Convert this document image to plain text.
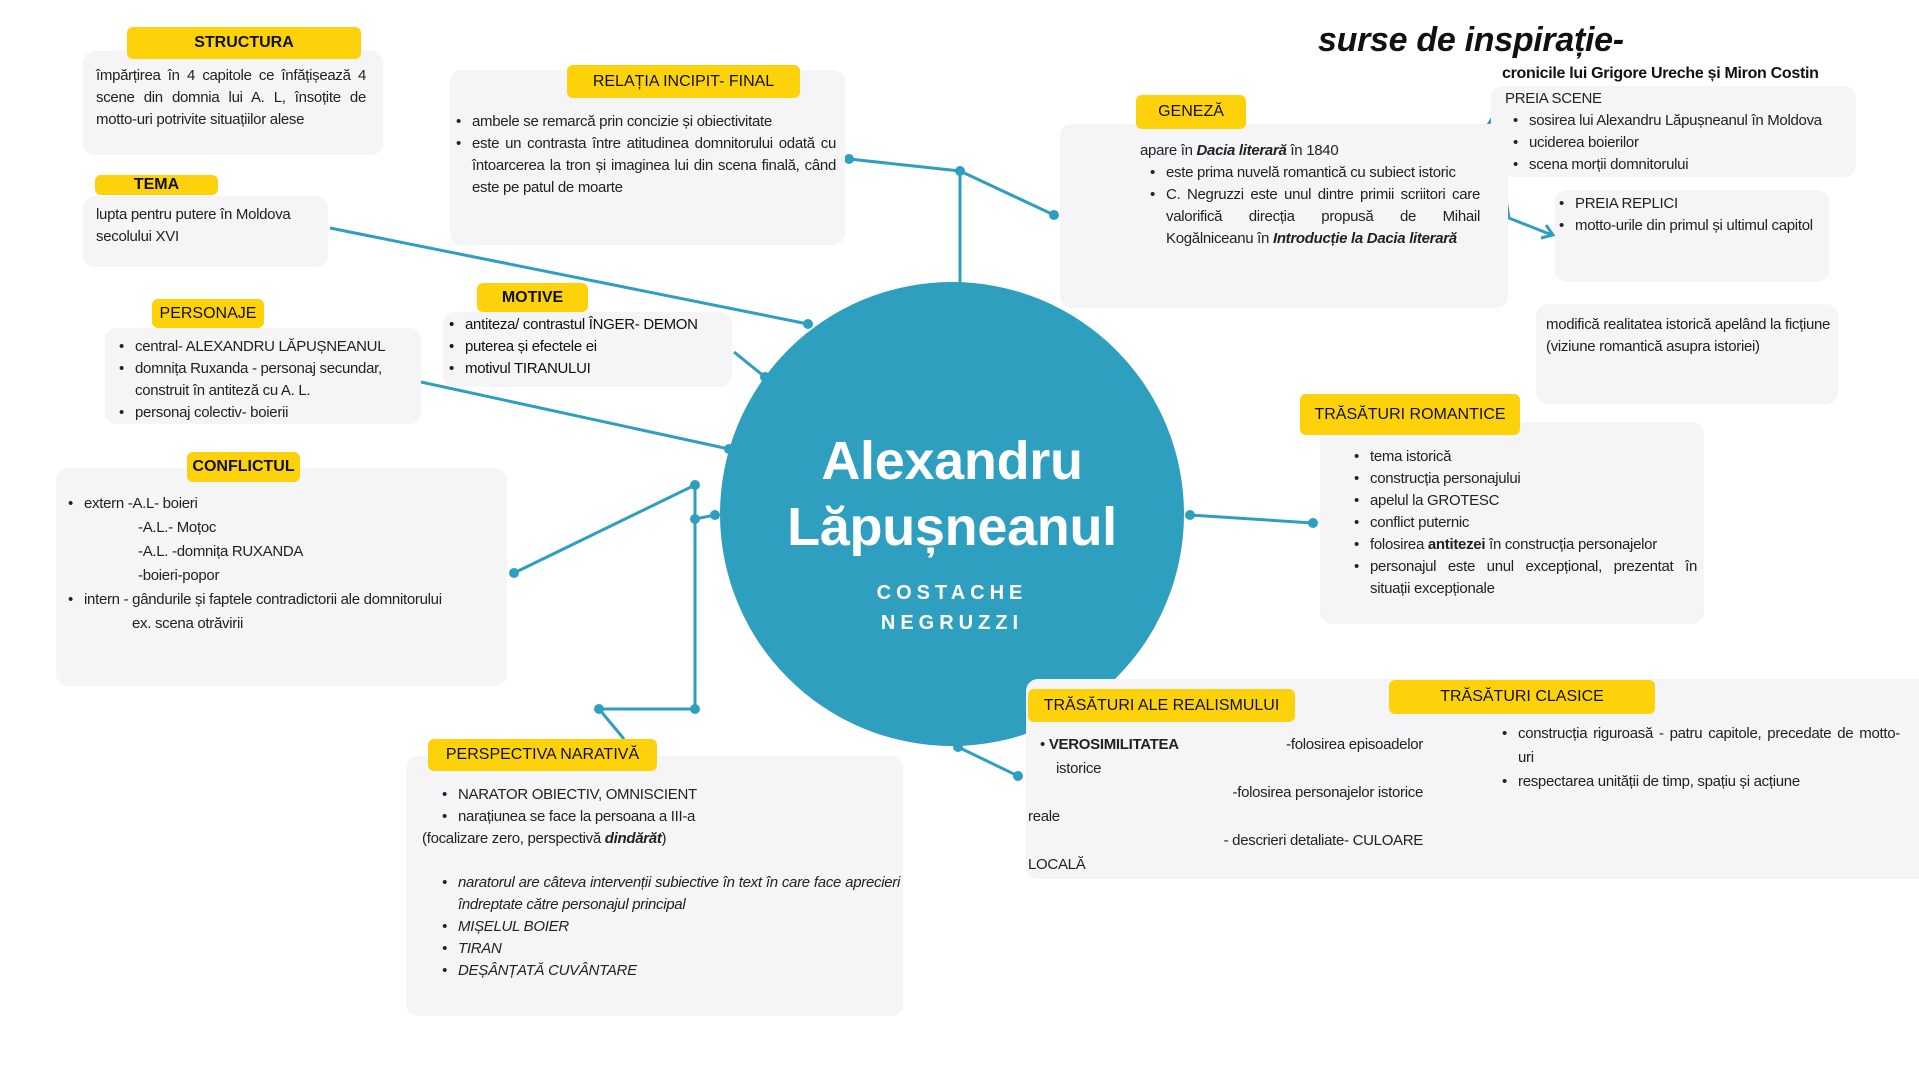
Alexandru
Lăpușneanul
COSTACHE
NEGRUZZI
împărțirea în 4 capitole ce înfățișează 4 scene din domnia lui A. L, însoțite de motto-uri potrivite situațiilor alese
STRUCTURA
lupta pentru putere în Moldova secolului XVI
TEMA
• ambele se remarcă prin concizie și obiectivitate
• este un contrasta între atitudinea domnitorului odată cu întoarcerea la tron și imaginea lui din scena finală, când este pe patul de moarte
RELAȚIA INCIPIT- FINAL
• antiteza/ contrastul ÎNGER- DEMON
• puterea și efectele ei
• motivul TIRANULUI
MOTIVE
• central- ALEXANDRU LĂPUȘNEANUL
• domnița Ruxanda - personaj secundar, construit în antiteză cu A. L.
• personaj colectiv- boierii
PERSONAJE
• extern -A.L- boieri
-A.L.- Moțoc
-A.L. -domnița RUXANDA
-boieri-popor
• intern - gândurile și faptele contradictorii ale domnitorului
ex. scena otrăvirii
CONFLICTUL
• NARATOR OBIECTIV, OMNISCIENT
• narațiunea se face la persoana a III-a
(focalizare zero, perspectivă dindărăt)
• naratorul are câteva intervenții subiective în text în care face aprecieri îndreptate către personajul principal
• MIȘELUL BOIER
• TIRAN
• DEȘÂNȚATĂ CUVÂNTARE
PERSPECTIVA NARATIVĂ
apare în Dacia literară în 1840
• este prima nuvelă romantică cu subiect istoric
• C. Negruzzi este unul dintre primii scriitori care valorifică direcția propusă de Mihail Kogălniceanu în Introducție la Dacia literară
GENEZĂ
surse de inspirație-
PREIA SCENE
• sosirea lui Alexandru Lăpușneanul în Moldova
• uciderea boierilor
• scena morții domnitorului
cronicile lui Grigore Ureche și Miron Costin
• PREIA REPLICI
• motto-urile din primul și ultimul capitol
modifică realitatea istorică apelând la ficțiune (viziune romantică asupra istoriei)
• tema istorică
• construcția personajului
• apelul la GROTESC
• conflict puternic
• folosirea antitezei în construcția personajelor
• personajul este unul excepțional, prezentat în situații excepționale
TRĂSĂTURI ROMANTICE
• VEROSIMILITATEA	-folosirea episoadelor
istorice
-folosirea personajelor istorice
reale
- descrieri detaliate- CULOARE
LOCALĂ
• construcția riguroasă - patru capitole, precedate de motto-uri
• respectarea unității de timp, spațiu și acțiune
TRĂSĂTURI ALE REALISMULUI	TRĂSĂTURI CLASICE
